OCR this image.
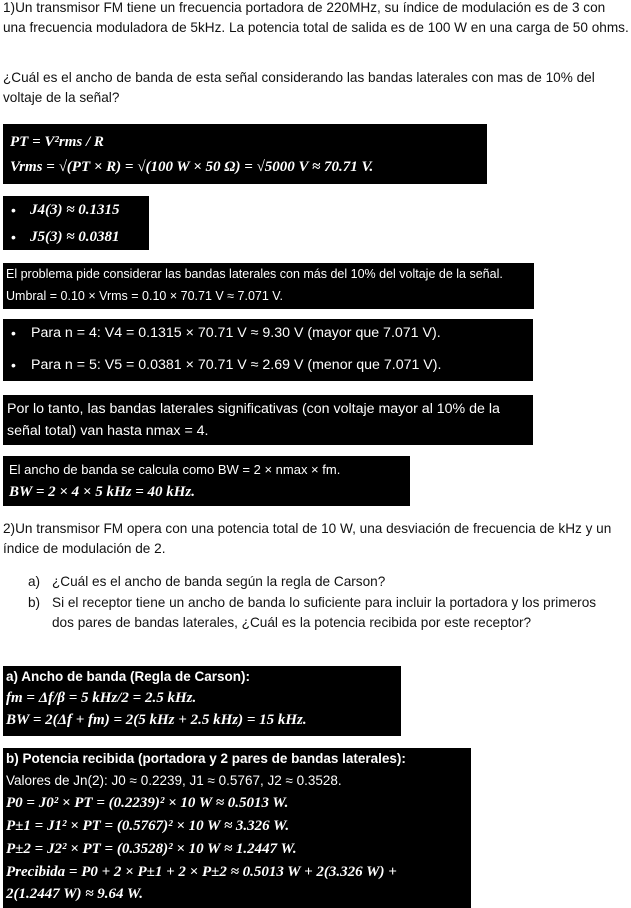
1)Un transmisor FM tiene un frecuencia portadora de 220MHz, su índice de modulación es de 3 con una frecuencia moduladora de 5kHz. La potencia total de salida es de 100 W en una carga de 50 ohms.
¿Cuál es el ancho de banda de esta señal considerando las bandas laterales con mas de 10% del voltaje de la señal?
PT = V²rms / R
Vrms = √(PT × R) = √(100 W × 50 Ω) = √5000 V ≈ 70.71 V.
• J4(3) ≈ 0.1315
• J5(3) ≈ 0.0381
El problema pide considerar las bandas laterales con más del 10% del voltaje de la señal.
Umbral = 0.10 × Vrms = 0.10 × 70.71 V ≈ 7.071 V.
• Para n = 4: V4 = 0.1315 × 70.71 V ≈ 9.30 V (mayor que 7.071 V).
• Para n = 5: V5 = 0.0381 × 70.71 V ≈ 2.69 V (menor que 7.071 V).
Por lo tanto, las bandas laterales significativas (con voltaje mayor al 10% de la
señal total) van hasta nmax = 4.
El ancho de banda se calcula como BW = 2 × nmax × fm.
BW = 2 × 4 × 5 kHz = 40 kHz.
2)Un transmisor FM opera con una potencia total de 10 W, una desviación de frecuencia de kHz y un índice de modulación de 2.
a) ¿Cuál es el ancho de banda según la regla de Carson?
b) Si el receptor tiene un ancho de banda lo suficiente para incluir la portadora y los primeros dos pares de bandas laterales, ¿Cuál es la potencia recibida por este receptor?
a) Ancho de banda (Regla de Carson):
fm = Δf/β = 5 kHz/2 = 2.5 kHz.
BW = 2(Δf + fm) = 2(5 kHz + 2.5 kHz) = 15 kHz.
b) Potencia recibida (portadora y 2 pares de bandas laterales):
Valores de Jn(2): J0 ≈ 0.2239, J1 ≈ 0.5767, J2 ≈ 0.3528.
P0 = J0² × PT = (0.2239)² × 10 W ≈ 0.5013 W.
P±1 = J1² × PT = (0.5767)² × 10 W ≈ 3.326 W.
P±2 = J2² × PT = (0.3528)² × 10 W ≈ 1.2447 W.
Precibida = P0 + 2 × P±1 + 2 × P±2 ≈ 0.5013 W + 2(3.326 W) +
2(1.2447 W) ≈ 9.64 W.
